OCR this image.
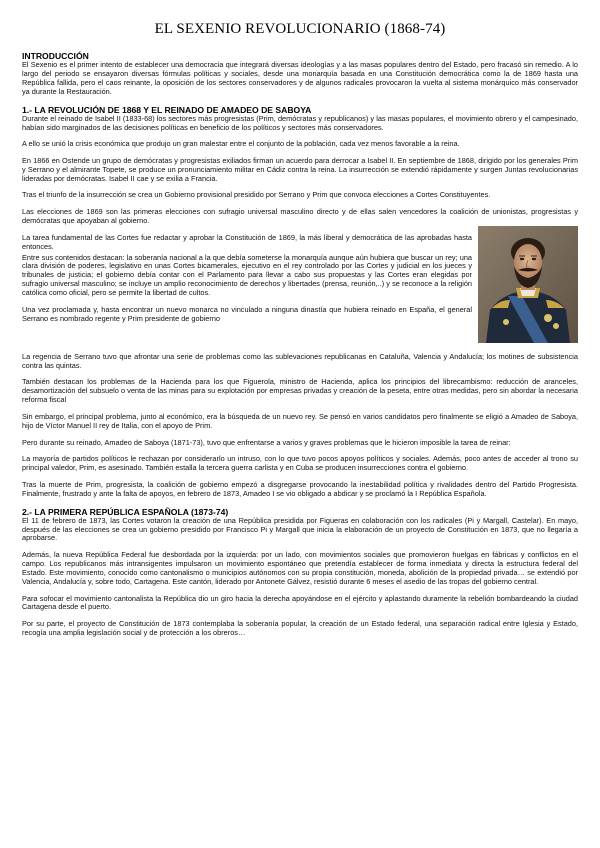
EL SEXENIO REVOLUCIONARIO (1868-74)
INTRODUCCIÓN

El Sexenio es el primer intento de establecer una democracia que integrará diversas ideologías y a las masas populares dentro del Estado, pero fracasó sin remedio. A lo largo del periodo se ensayaron diversas fórmulas políticas y sociales, desde una monarquía basada en una Constitución democrática como la de 1869 hasta una República fallida, pero el caos reinante, la oposición de los sectores conservadores y de algunos radicales provocaron la vuelta al sistema monárquico más conservador ya durante la Restauración.

1.- LA REVOLUCIÓN DE 1868 Y EL REINADO DE AMADEO DE SABOYA

Durante el reinado de Isabel II (1833-68) los sectores más progresistas (Prim, demócratas y republicanos) y las masas populares, el movimiento obrero y el campesinado, habían sido marginados de las decisiones políticas en beneficio de los políticos y sectores más conservadores.

A ello se unió la crisis económica que produjo un gran malestar entre el conjunto de la población, cada vez menos favorable a la reina.

En 1866 en Ostende un grupo de demócratas y progresistas exiliados firman un acuerdo para derrocar a Isabel II. En septiembre de 1868, dirigido por los generales Prim y Serrano y el almirante Topete, se produce un pronunciamiento militar en Cádiz contra la reina. La insurrección se extendió rápidamente y surgen Juntas revolucionarias lideradas por demócratas. Isabel II cae y se exilia a Francia.

Tras el triunfo de la insurrección se crea un Gobierno provisional presidido por Serrano y Prim que convoca elecciones a Cortes Constituyentes.

Las elecciones de 1869 son las primeras elecciones con sufragio universal masculino directo y de ellas salen vencedores la coalición de unionistas, progresistas y demócratas que apoyaban al gobierno.

La tarea fundamental de las Cortes fue redactar y aprobar la Constitución de 1869, la más liberal y democrática de las aprobadas hasta entonces.

Entre sus contenidos destacan: la soberanía nacional a la que debía someterse la monarquía aunque aún hubiera que buscar un rey; una clara división de poderes, legislativo en unas Cortes bicamerales, ejecutivo en el rey controlado por las Cortes y judicial en los jueces y tribunales de justicia; el gobierno debía contar con el Parlamento para llevar a cabo sus propuestas y las Cortes eran elegidas por sufragio universal masculino; se incluye un amplio reconocimiento de derechos y libertades (prensa, reunión,..) y se reconoce a la religión católica como oficial, pero se permite la libertad de cultos.

Una vez proclamada y, hasta encontrar un nuevo monarca no vinculado a ninguna dinastía que hubiera reinado en España, el general Serrano es nombrado regente y Prim presidente de gobierno

La regencia de Serrano tuvo que afrontar una serie de problemas como las sublevaciones republicanas en Cataluña, Valencia y Andalucía; los motines de subsistencia contra las quintas.

También destacan los problemas de la Hacienda para los que Figuerola, ministro de Hacienda, aplica los principios del librecambismo: reducción de aranceles, desamortización del subsuelo o venta de las minas para su explotación por empresas privadas y creación de la peseta, entre otras medidas, pero sin abordar la necesaria reforma fiscal

Sin embargo, el principal problema, junto al económico, era la búsqueda de un nuevo rey. Se pensó en varios candidatos pero finalmente se eligió a Amadeo de Saboya, hijo de Víctor Manuel II rey de Italia, con el apoyo de Prim.

Pero durante su reinado, Amadeo de Saboya (1871-73), tuvo que enfrentarse a varios y graves problemas que le hicieron imposible la tarea de reinar:

La mayoría de partidos políticos le rechazan por considerarlo un intruso, con lo que tuvo pocos apoyos políticos y sociales. Además, poco antes de acceder al trono su principal valedor, Prim, es asesinado. También estalla la tercera guerra carlista y en Cuba se producen insurrecciones contra el gobierno.

Tras la muerte de Prim, progresista, la coalición de gobierno empezó a disgregarse provocando la inestabilidad política y rivalidades dentro del Partido Progresista. Finalmente, frustrado y ante la falta de apoyos, en febrero de 1873, Amadeo I se vio obligado a abdicar y se proclamó la I República Española.

2.- LA PRIMERA REPÚBLICA ESPAÑOLA (1873-74)

El 11 de febrero de 1873, las Cortes votaron la creación de una República presidida por Figueras en colaboración con los radicales (Pi y Margall, Castelar). En mayo, después de las elecciones se crea un gobierno presidido por Francisco Pi y Margall que inicia la elaboración de un proyecto de Constitución en 1873, que no llegaría a aprobarse.

Además, la nueva República Federal fue desbordada por la izquierda: por un lado, con movimientos sociales que promovieron huelgas en fábricas y conflictos en el campo. Los republicanos más intransigentes impulsaron un movimiento espontáneo que pretendía establecer de forma inmediata y directa la estructura federal del Estado. Este movimiento, conocido como cantonalismo o municipios autónomos con su propia constitución, moneda, abolición de la propiedad privada… se extendió por Valencia, Andalucía y, sobre todo, Cartagena. Este cantón, liderado por Antonete Gálvez, resistió durante 6 meses el asedio de las tropas del gobierno central.

Para sofocar el movimiento cantonalista la República dio un giro hacia la derecha apoyándose en el ejército y aplastando duramente la rebelión bombardeando la ciudad Cartagena desde el puerto.

Por su parte, el proyecto de Constitución de 1873 contemplaba la soberanía popular, la creación de un Estado federal, una separación radical entre Iglesia y Estado, recogía una amplia legislación social y de protección a los obreros…
